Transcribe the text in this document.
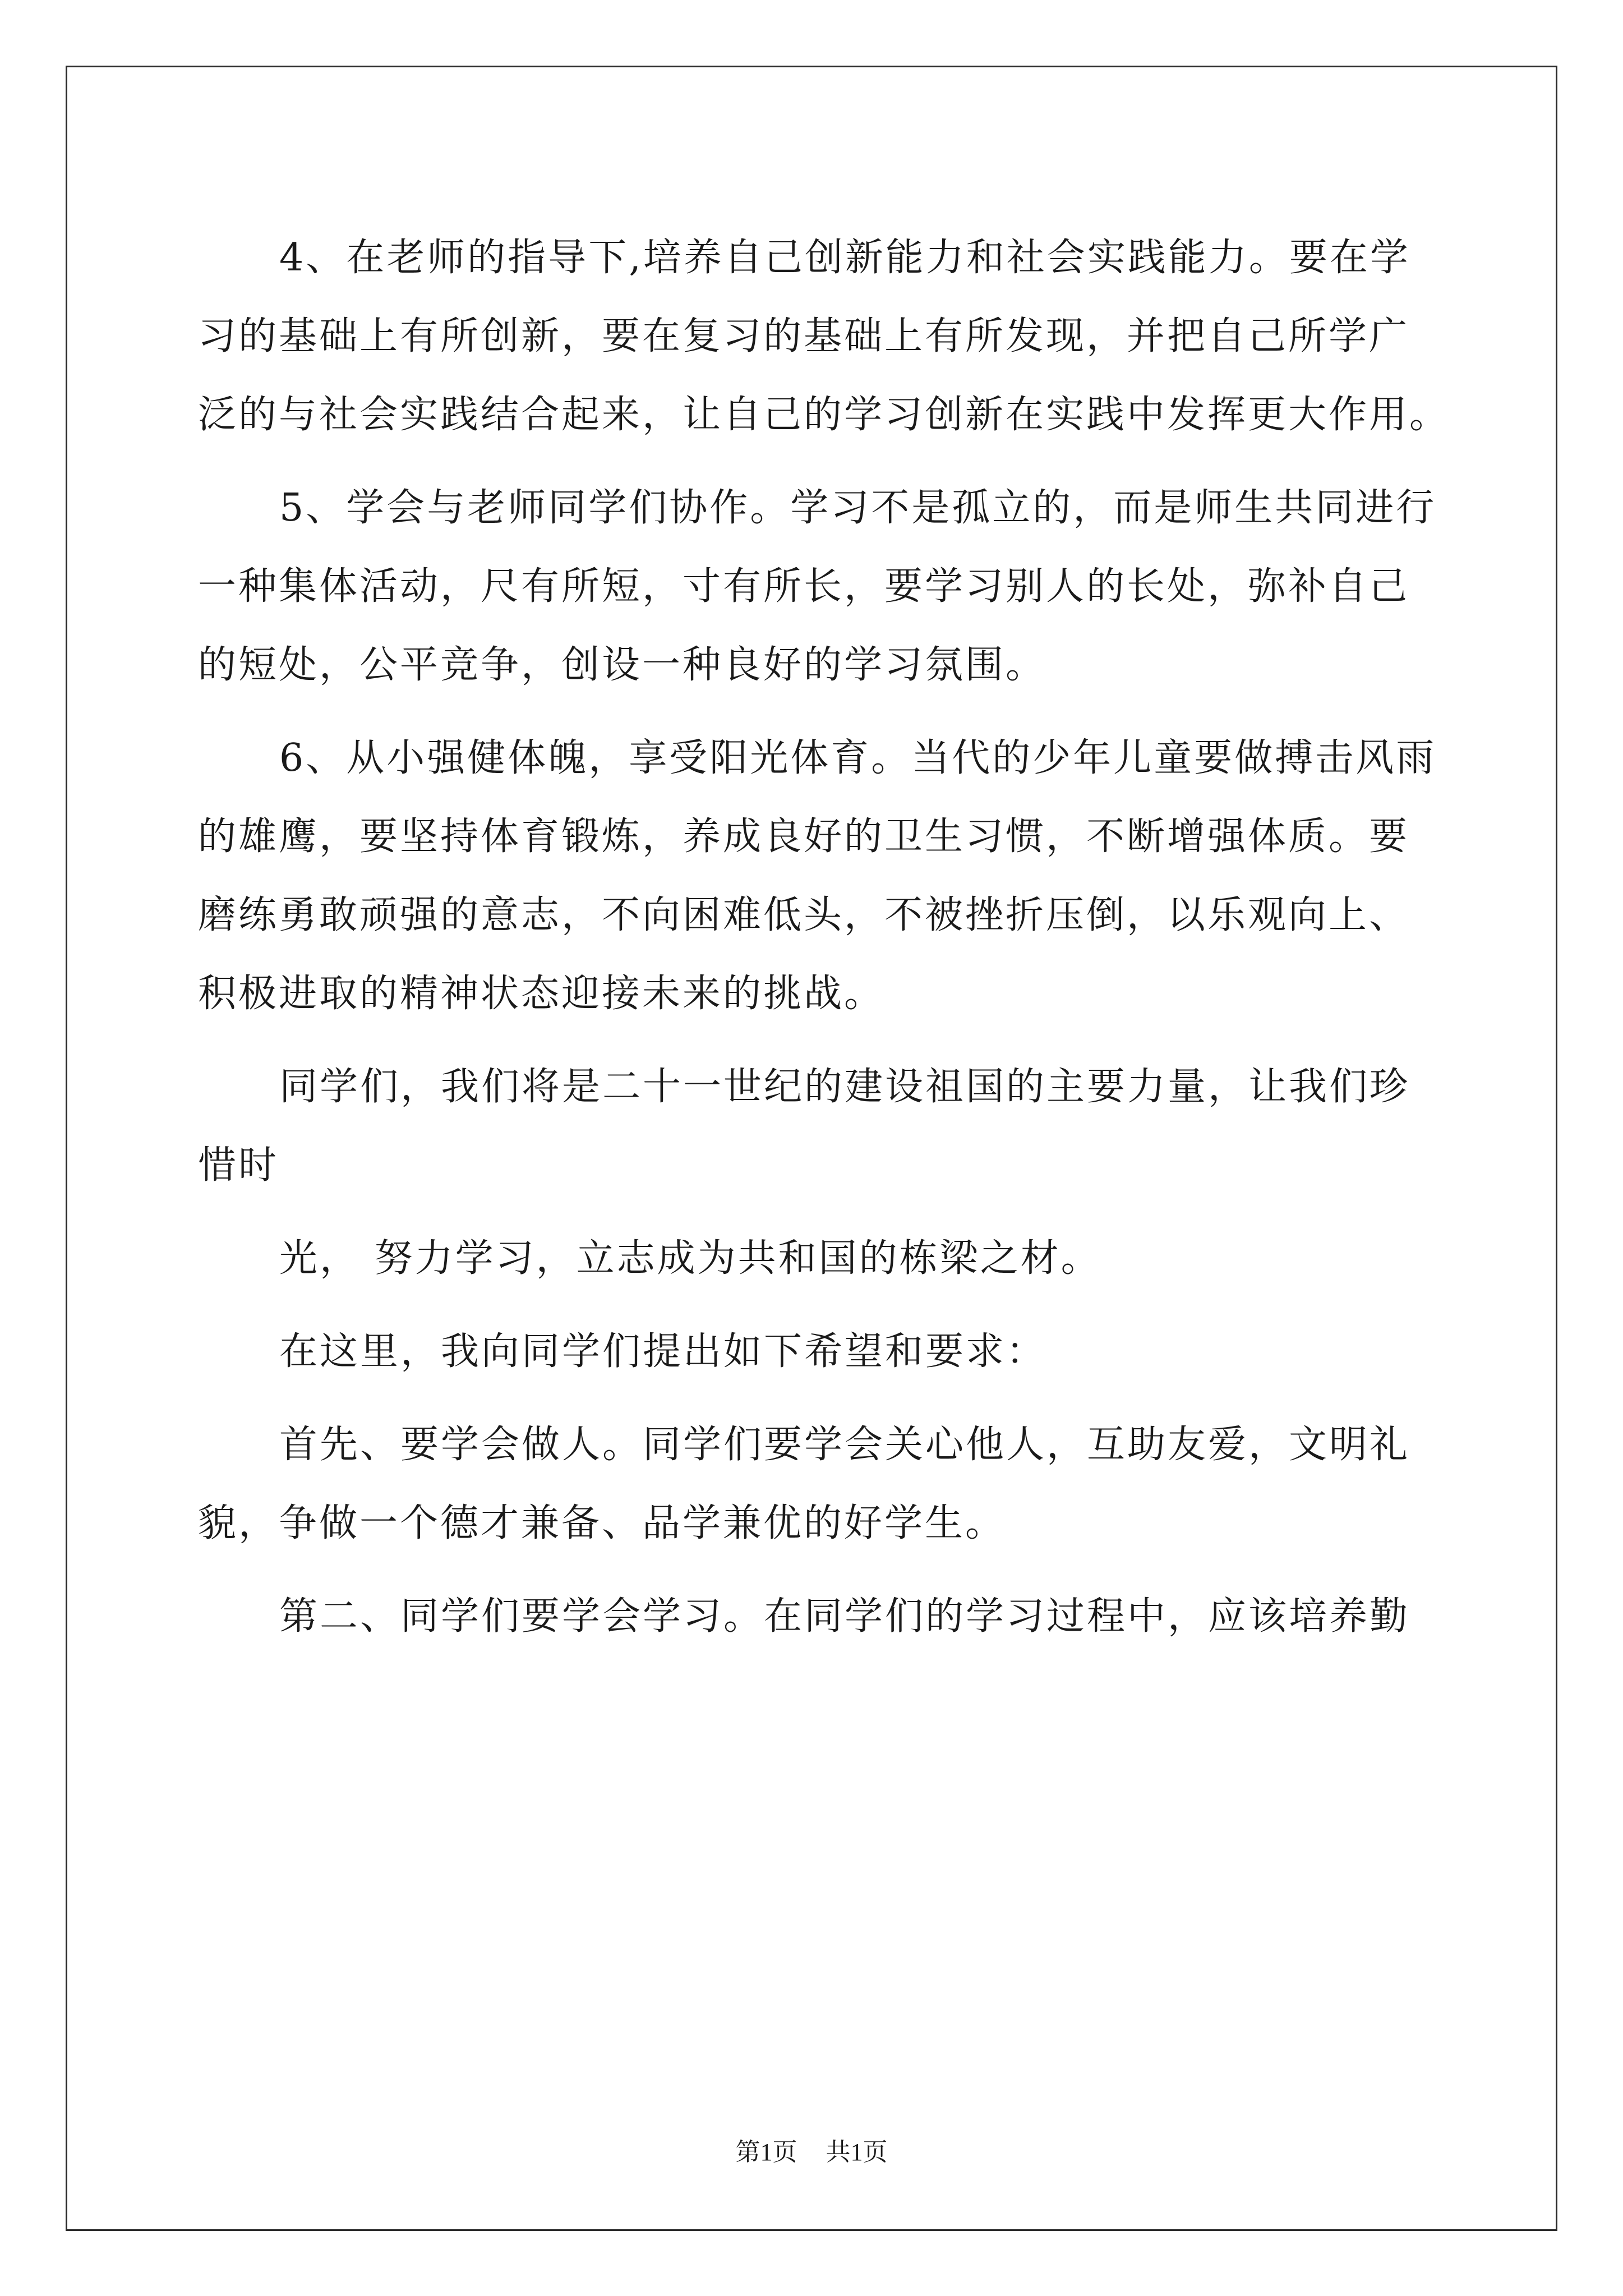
4、在老师的指导下,培养自己创新能力和社会实践能力。要在学
习的基础上有所创新，要在复习的基础上有所发现，并把自己所学广
泛的与社会实践结合起来，让自己的学习创新在实践中发挥更大作用。

5、学会与老师同学们协作。学习不是孤立的，而是师生共同进行
一种集体活动，尺有所短，寸有所长，要学习别人的长处，弥补自己
的短处，公平竞争，创设一种良好的学习氛围。

6、从小强健体魄，享受阳光体育。当代的少年儿童要做搏击风雨
的雄鹰，要坚持体育锻炼，养成良好的卫生习惯，不断增强体质。要
磨练勇敢顽强的意志，不向困难低头，不被挫折压倒，以乐观向上、
积极进取的精神状态迎接未来的挑战。

同学们，我们将是二十一世纪的建设祖国的主要力量，让我们珍
惜时

光， 努力学习，立志成为共和国的栋梁之材。

在这里，我向同学们提出如下希望和要求：

首先、要学会做人。同学们要学会关心他人，互助友爱，文明礼
貌，争做一个德才兼备、品学兼优的好学生。

第二、同学们要学会学习。在同学们的学习过程中，应该培养勤

第1页 共1页
